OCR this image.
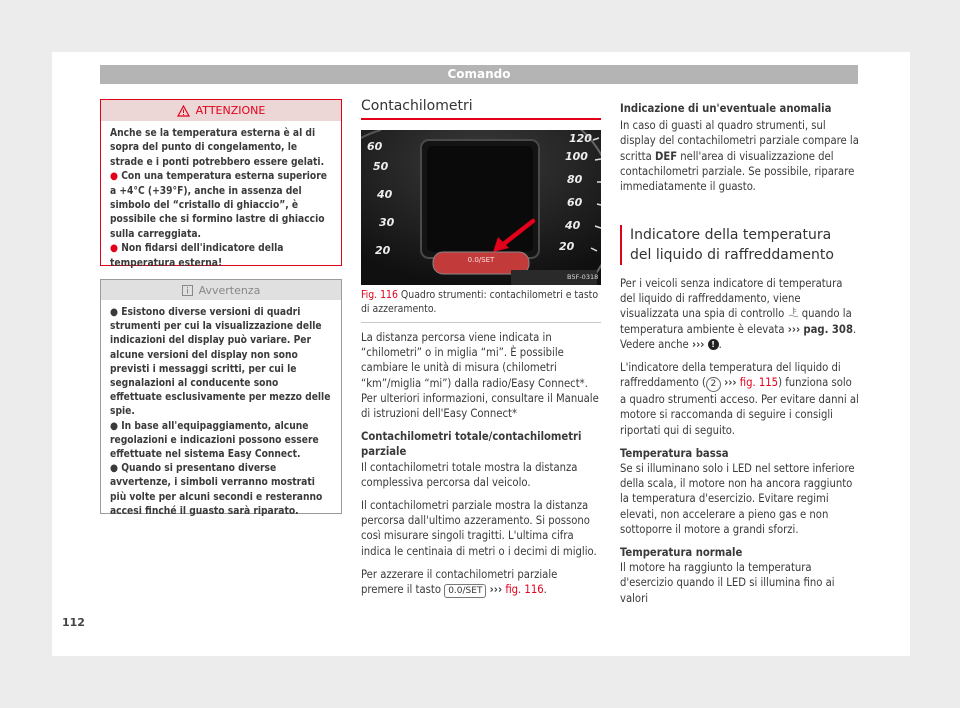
Comando
ATTENZIONE

Anche se la temperatura esterna è al di sopra del punto di congelamento, le strade e i ponti potrebbero essere gelati.

● Con una temperatura esterna superiore a +4°C (+39°F), anche in assenza del simbolo del “cristallo di ghiaccio”, è possibile che si formino lastre di ghiaccio sulla carreggiata.

● Non fidarsi dell'indicatore della temperatura esterna!

Avvertenza

● Esistono diverse versioni di quadri strumenti per cui la visualizzazione delle indicazioni del display può variare. Per alcune versioni del display non sono previsti i messaggi scritti, per cui le segnalazioni al conducente sono effettuate esclusivamente per mezzo delle spie.

● In base all'equipaggiamento, alcune regolazioni e indicazioni possono essere effettuate nel sistema Easy Connect.

● Quando si presentano diverse avvertenze, i simboli verranno mostrati più volte per alcuni secondi e resteranno accesi finché il guasto sarà riparato.

Contachilometri
60
50
40
30
20
120
100
80
60
40
20
0.0/SET
B5F-0318

Fig. 116 Quadro strumenti: contachilometri e tasto di azzeramento.

La distanza percorsa viene indicata in “chilometri” o in miglia “mi”. È possibile cambiare le unità di misura (chilometri “km”/miglia “mi”) dalla radio/Easy Connect*. Per ulteriori informazioni, consultare il Manuale di istruzioni dell'Easy Connect*

Contachilometri totale/contachilometri parziale

Il contachilometri totale mostra la distanza complessiva percorsa dal veicolo.

Il contachilometri parziale mostra la distanza percorsa dall'ultimo azzeramento. Si possono così misurare singoli tragitti. L'ultima cifra indica le centinaia di metri o i decimi di miglio.

Per azzerare il contachilometri parziale premere il tasto 0.0/SET ››› fig. 116.

Indicazione di un'eventuale anomalia

In caso di guasti al quadro strumenti, sul display del contachilometri parziale compare la scritta DEF nell'area di visualizzazione del contachilometri parziale. Se possibile, riparare immediatamente il guasto.

Indicatore della temperatura del liquido di raffreddamento

Per i veicoli senza indicatore di temperatura del liquido di raffreddamento, viene visualizzata una spia di controllo quando la temperatura ambiente è elevata ››› pag. 308. Vedere anche ››› ! .

L'indicatore della temperatura del liquido di raffreddamento ( 2 ››› fig. 115) funziona solo a quadro strumenti acceso. Per evitare danni al motore si raccomanda di seguire i consigli riportati qui di seguito.

Temperatura bassa

Se si illuminano solo i LED nel settore inferiore della scala, il motore non ha ancora raggiunto la temperatura d'esercizio. Evitare regimi elevati, non accelerare a pieno gas e non sottoporre il motore a grandi sforzi.

Temperatura normale

Il motore ha raggiunto la temperatura d'esercizio quando il LED si illumina fino ai valori

112
